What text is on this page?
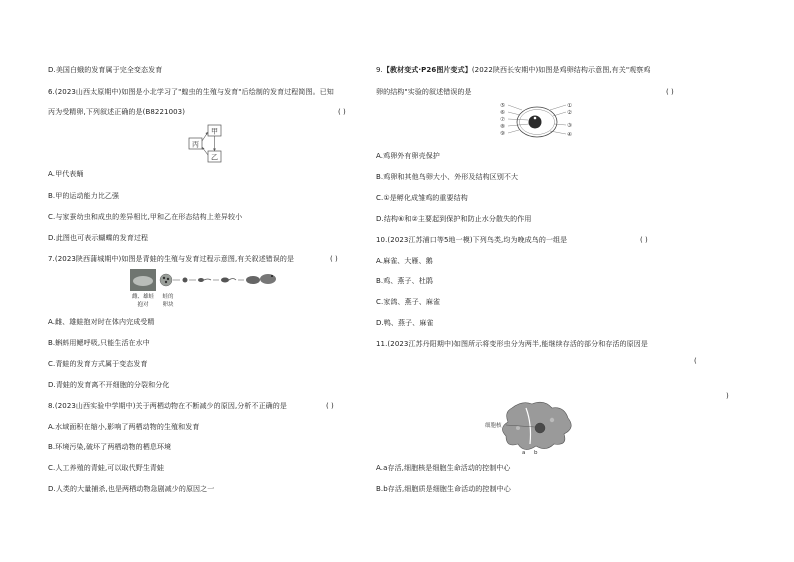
D.美国白蛾的发育属于完全变态发育
6.(2023山西太原期中)如图是小北学习了"蝗虫的生殖与发育"后绘制的发育过程简图。已知
丙为受精卵,下列叙述正确的是(B8221003)	( )
甲
丙
乙
A.甲代表蛹
B.甲的运动能力比乙强
C.与家蚕幼虫和成虫的差异相比,甲和乙在形态结构上差异较小
D.此图也可表示蝴蝶的发育过程
7.(2023陕西蒲城期中)如图是青蛙的生殖与发育过程示意图,有关叙述错误的是	( )
雌、雄蛙
抱对
蛙的
卵块
A.雌、雄蛙抱对时在体内完成受精
B.蝌蚪用鳃呼吸,只能生活在水中
C.青蛙的发育方式属于变态发育
D.青蛙的发育离不开细胞的分裂和分化
8.(2023山西实验中学期中)关于两栖动物在不断减少的原因,分析不正确的是	( )
A.水域面积在缩小,影响了两栖动物的生殖和发育
B.环境污染,破坏了两栖动物的栖息环境
C.人工养殖的青蛙,可以取代野生青蛙
D.人类的大量捕杀,也是两栖动物急剧减少的原因之一
9.【教材变式·P26图片变式】(2022陕西长安期中)如图是鸡卵结构示意图,有关"观察鸡
卵的结构"实验的叙述错误的是	( )
⑤
⑥
⑦
⑧
⑨
①
②
③
④
A.鸡卵外有卵壳保护
B.鸡卵和其他鸟卵大小、外形及结构区别不大
C.①是孵化成雏鸡的重要结构
D.结构⑥和②主要起到保护和防止水分散失的作用
10.(2023江苏浦口等5地一模)下列鸟类,均为晚成鸟的一组是	( )
A.麻雀、大雁、鹅
B.鸡、燕子、杜鹃
C.家鸽、燕子、麻雀
D.鸭、燕子、麻雀
11.(2023江苏丹阳期中)如图所示将变形虫分为两半,能继续存活的部分和存活的原因是
(
)
细胞核
a b
A.a存活,细胞核是细胞生命活动的控制中心
B.b存活,细胞质是细胞生命活动的控制中心
